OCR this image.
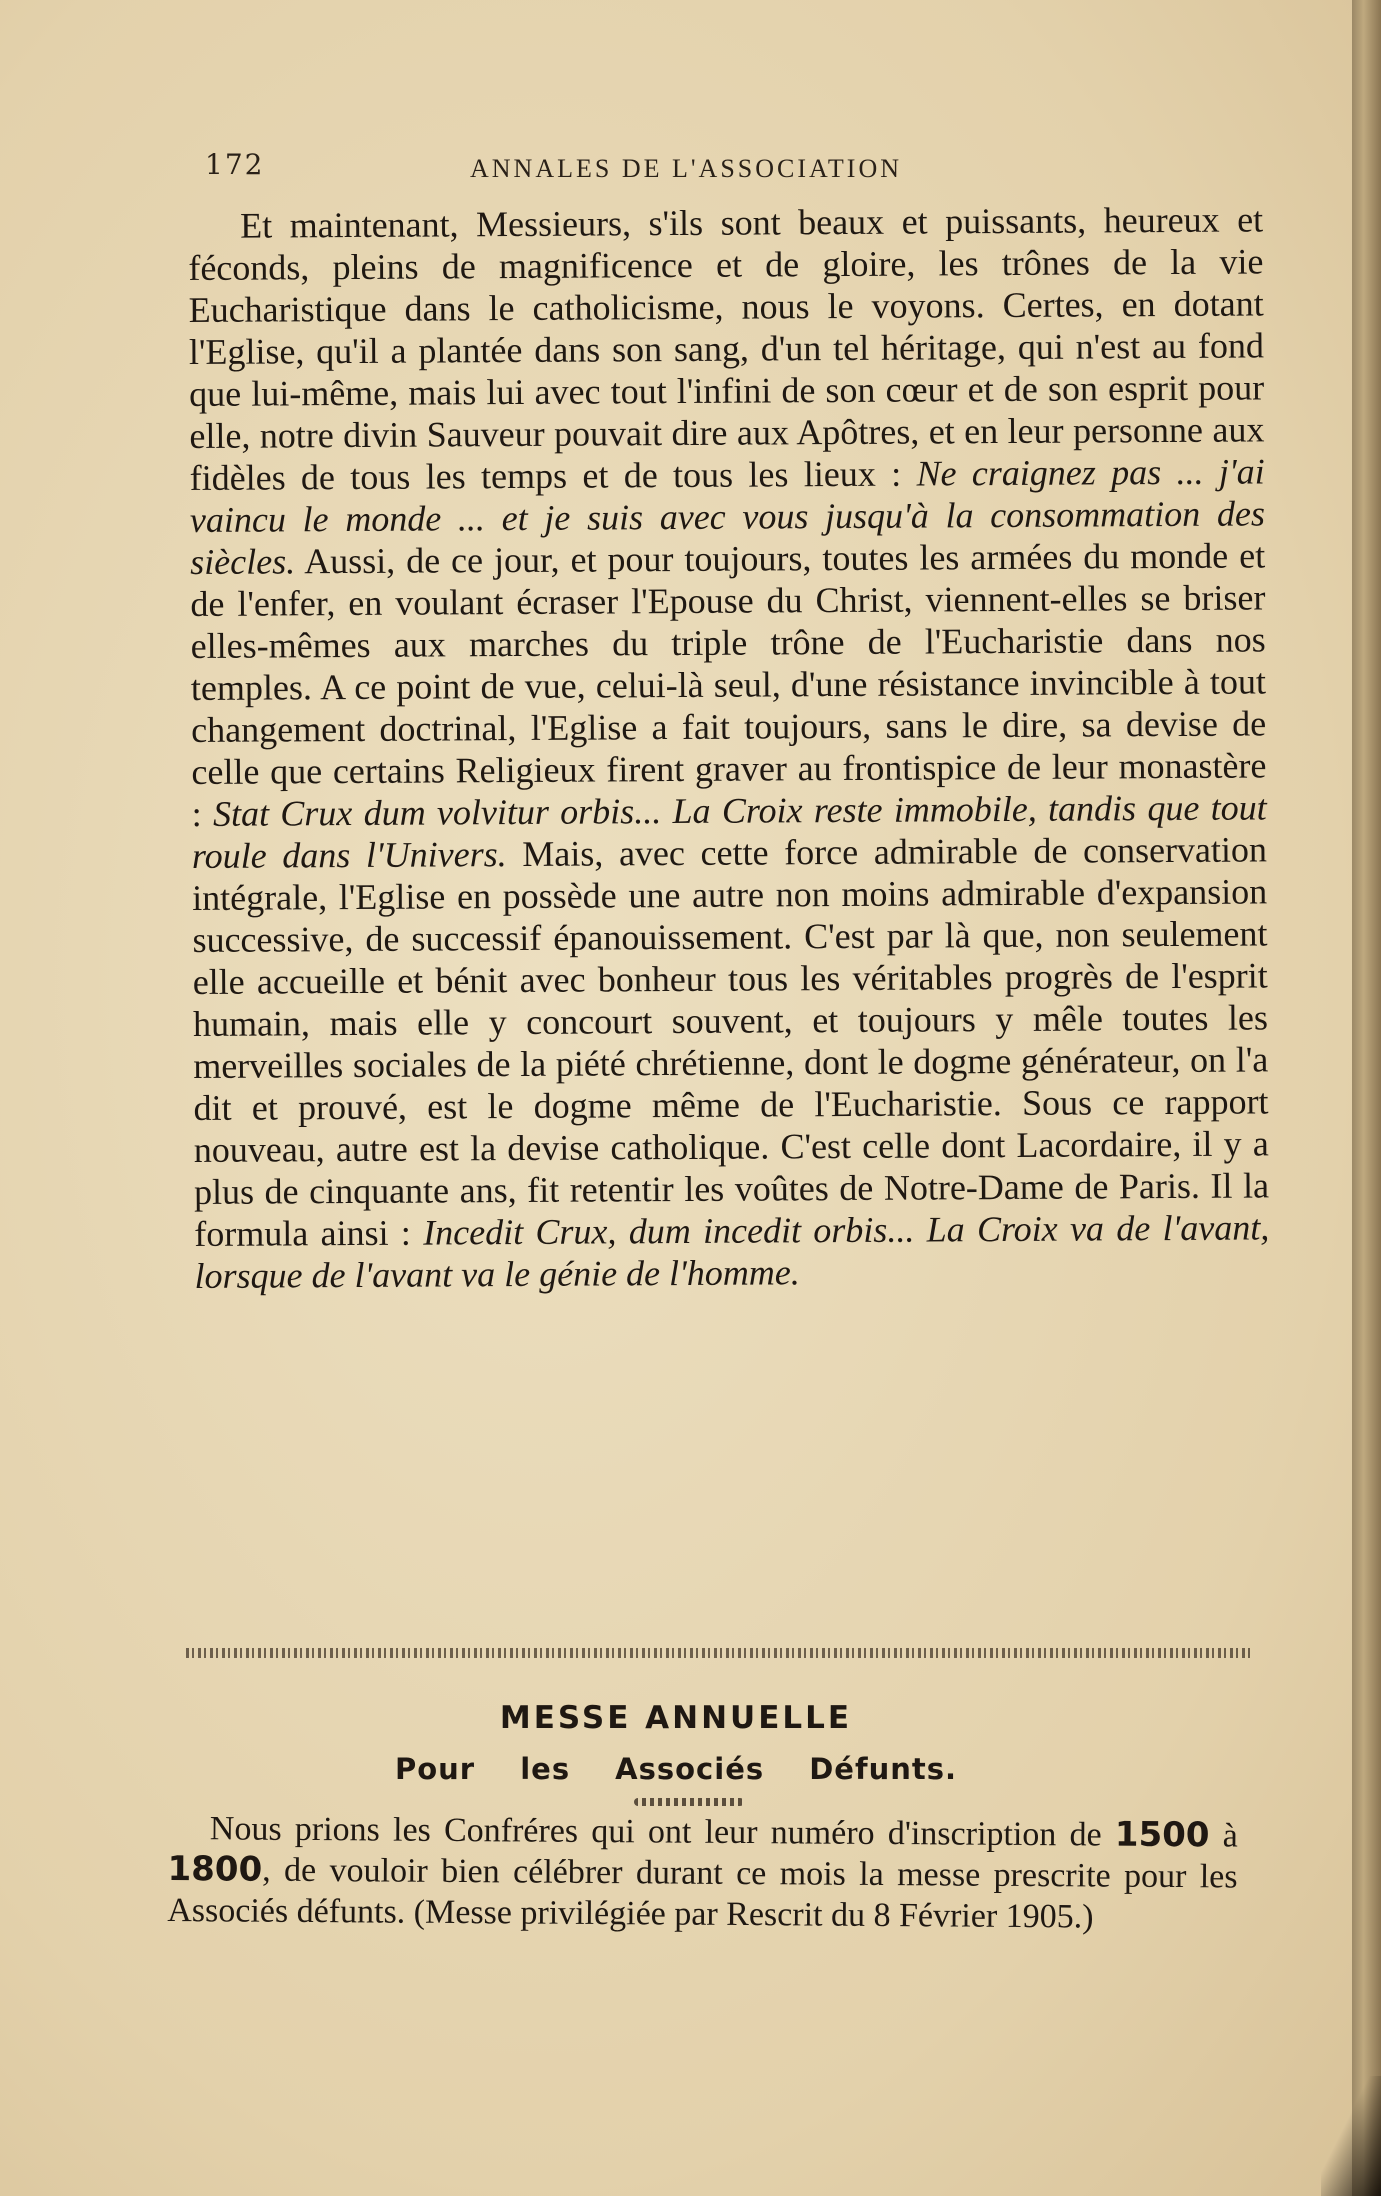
172	ANNALES DE L'ASSOCIATION

Et maintenant, Messieurs, s'ils sont beaux et puissants, heureux et féconds, pleins de magnificence et de gloire, les trônes de la vie Eucharistique dans le catholicisme, nous le voyons. Certes, en dotant l'Eglise, qu'il a plantée dans son sang, d'un tel héritage, qui n'est au fond que lui-même, mais lui avec tout l'infini de son cœur et de son esprit pour elle, notre divin Sauveur pouvait dire aux Apôtres, et en leur personne aux fidèles de tous les temps et de tous les lieux : Ne craignez pas ... j'ai vaincu le monde ... et je suis avec vous jusqu'à la consommation des siècles. Aussi, de ce jour, et pour toujours, toutes les armées du monde et de l'enfer, en voulant écraser l'Epouse du Christ, viennent-elles se briser elles-mêmes aux marches du triple trône de l'Eucharistie dans nos temples. A ce point de vue, celui-là seul, d'une résistance invincible à tout changement doctrinal, l'Eglise a fait toujours, sans le dire, sa devise de celle que certains Religieux firent graver au frontispice de leur monastère : Stat Crux dum volvitur orbis... La Croix reste immobile, tandis que tout roule dans l'Univers. Mais, avec cette force admirable de conservation intégrale, l'Eglise en possède une autre non moins admirable d'expansion successive, de successif épanouissement. C'est par là que, non seulement elle accueille et bénit avec bonheur tous les véritables progrès de l'esprit humain, mais elle y concourt souvent, et toujours y mêle toutes les merveilles sociales de la piété chrétienne, dont le dogme générateur, on l'a dit et prouvé, est le dogme même de l'Eucharistie. Sous ce rapport nouveau, autre est la devise catholique. C'est celle dont Lacordaire, il y a plus de cinquante ans, fit retentir les voûtes de Notre-Dame de Paris. Il la formula ainsi : Incedit Crux, dum incedit orbis... La Croix va de l'avant, lorsque de l'avant va le génie de l'homme.

MESSE ANNUELLE
Pour les Associés Défunts.

Nous prions les Confréres qui ont leur numéro d'inscription de 1500 à 1800, de vouloir bien célébrer durant ce mois la messe prescrite pour les Associés défunts. (Messe privilégiée par Rescrit du 8 Février 1905.)
